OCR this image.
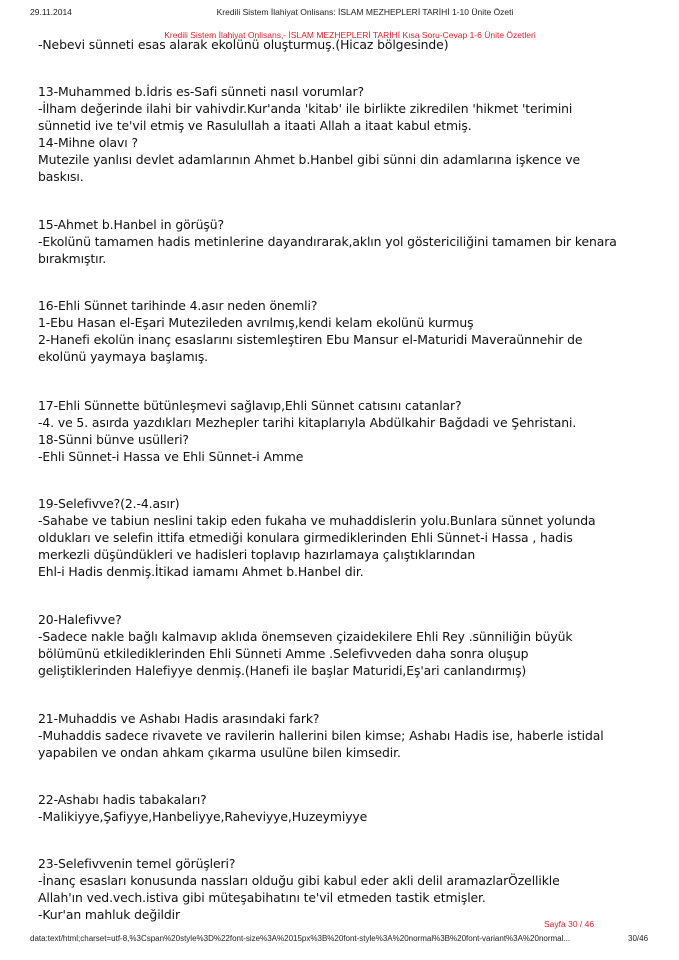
29.11.2014	Kredili Sistem İlahiyat Onlisans: İSLAM MEZHEPLERİ TARİHİ 1-10 Ünite Özeti
Kredili Sistem İlahiyat Onlisans,- İSLAM MEZHEPLERİ TARİHİ Kısa Soru-Cevap 1-6 Ünite Özetleri

-Nebevi sünneti esas alarak ekolünü oluşturmuş.(Hicaz bölgesinde)

13-Muhammed b.İdris es-Safi sünneti nasıl vorumlar?

-İlham değerinde ilahi bir vahivdir.Kur'anda 'kitab' ile birlikte zikredilen 'hikmet 'terimini

sünnetid ive te'vil etmiş ve Rasulullah a itaati Allah a itaat kabul etmiş.

14-Mihne olavı ?

Mutezile yanlısı devlet adamlarının Ahmet b.Hanbel gibi sünni din adamlarına işkence ve

baskısı.

15-Ahmet b.Hanbel in görüşü?

-Ekolünü tamamen hadis metinlerine dayandırarak,aklın yol göstericiliğini tamamen bir kenara

bırakmıştır.

16-Ehli Sünnet tarihinde 4.asır neden önemli?

1-Ebu Hasan el-Eşari Mutezileden avrılmış,kendi kelam ekolünü kurmuş

2-Hanefi ekolün inanç esaslarını sistemleştiren Ebu Mansur el-Maturidi Maveraünnehir de

ekolünü yaymaya başlamış.

17-Ehli Sünnette bütünleşmevi sağlavıp,Ehli Sünnet catısını catanlar?

-4. ve 5. asırda yazdıkları Mezhepler tarihi kitaplarıyla Abdülkahir Bağdadi ve Şehristani.

18-Sünni bünve usülleri?

-Ehli Sünnet-i Hassa ve Ehli Sünnet-i Amme

19-Selefivve?(2.-4.asır)

-Sahabe ve tabiun neslini takip eden fukaha ve muhaddislerin yolu.Bunlara sünnet yolunda

oldukları ve selefin ittifa etmediği konulara girmediklerinden Ehli Sünnet-i Hassa , hadis

merkezli düşündükleri ve hadisleri toplavıp hazırlamaya çalıştıklarından

Ehl-i Hadis denmiş.İtikad iamamı Ahmet b.Hanbel dir.

20-Halefivve?

-Sadece nakle bağlı kalmavıp aklıda önemseven çizaidekilere Ehli Rey .sünniliğin büyük

bölümünü etkilediklerinden Ehli Sünneti Amme .Selefivveden daha sonra oluşup

geliştiklerinden Halefiyye denmiş.(Hanefi ile başlar Maturidi,Eş'ari canlandırmış)

21-Muhaddis ve Ashabı Hadis arasındaki fark?

-Muhaddis sadece rivavete ve ravilerin hallerini bilen kimse; Ashabı Hadis ise, haberle istidal

yapabilen ve ondan ahkam çıkarma usulüne bilen kimsedir.

22-Ashabı hadis tabakaları?

-Malikiyye,Şafiyye,Hanbeliyye,Raheviyye,Huzeymiyye

23-Selefivvenin temel görüşleri?

-İnanç esasları konusunda nassları olduğu gibi kabul eder akli delil aramazlarÖzellikle

Allah'ın ved.vech.istiva gibi müteşabihatını te'vil etmeden tastik etmişler.

-Kur'an mahluk değildir

Sayfa 30 / 46
data:text/html;charset=utf-8,%3Cspan%20style%3D%22font-size%3A%2015px%3B%20font-style%3A%20normal%3B%20font-variant%3A%20normal...	30/46
